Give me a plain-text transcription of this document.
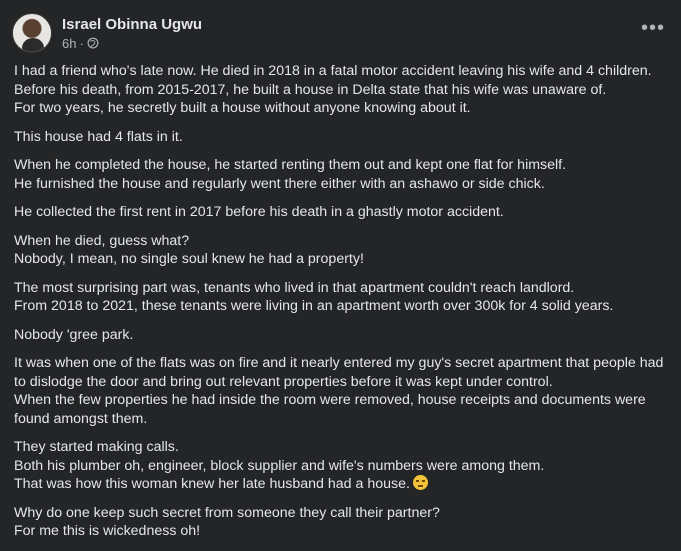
Israel Obinna Ugwu
6h ·
•••

I had a friend who's late now. He died in 2018 in a fatal motor accident leaving his wife and 4 children.
Before his death, from 2015-2017, he built a house in Delta state that his wife was unaware of.
For two years, he secretly built a house without anyone knowing about it.

This house had 4 flats in it.

When he completed the house, he started renting them out and kept one flat for himself.
He furnished the house and regularly went there either with an ashawo or side chick.

He collected the first rent in 2017 before his death in a ghastly motor accident.

When he died, guess what?
Nobody, I mean, no single soul knew he had a property!

The most surprising part was, tenants who lived in that apartment couldn't reach landlord.
From 2018 to 2021, these tenants were living in an apartment worth over 300k for 4 solid years.

Nobody 'gree park.

It was when one of the flats was on fire and it nearly entered my guy's secret apartment that people had
to dislodge the door and bring out relevant properties before it was kept under control.
When the few properties he had inside the room were removed, house receipts and documents were
found amongst them.

They started making calls.
Both his plumber oh, engineer, block supplier and wife's numbers were among them.
That was how this woman knew her late husband had a house.

Why do one keep such secret from someone they call their partner?
For me this is wickedness oh!
